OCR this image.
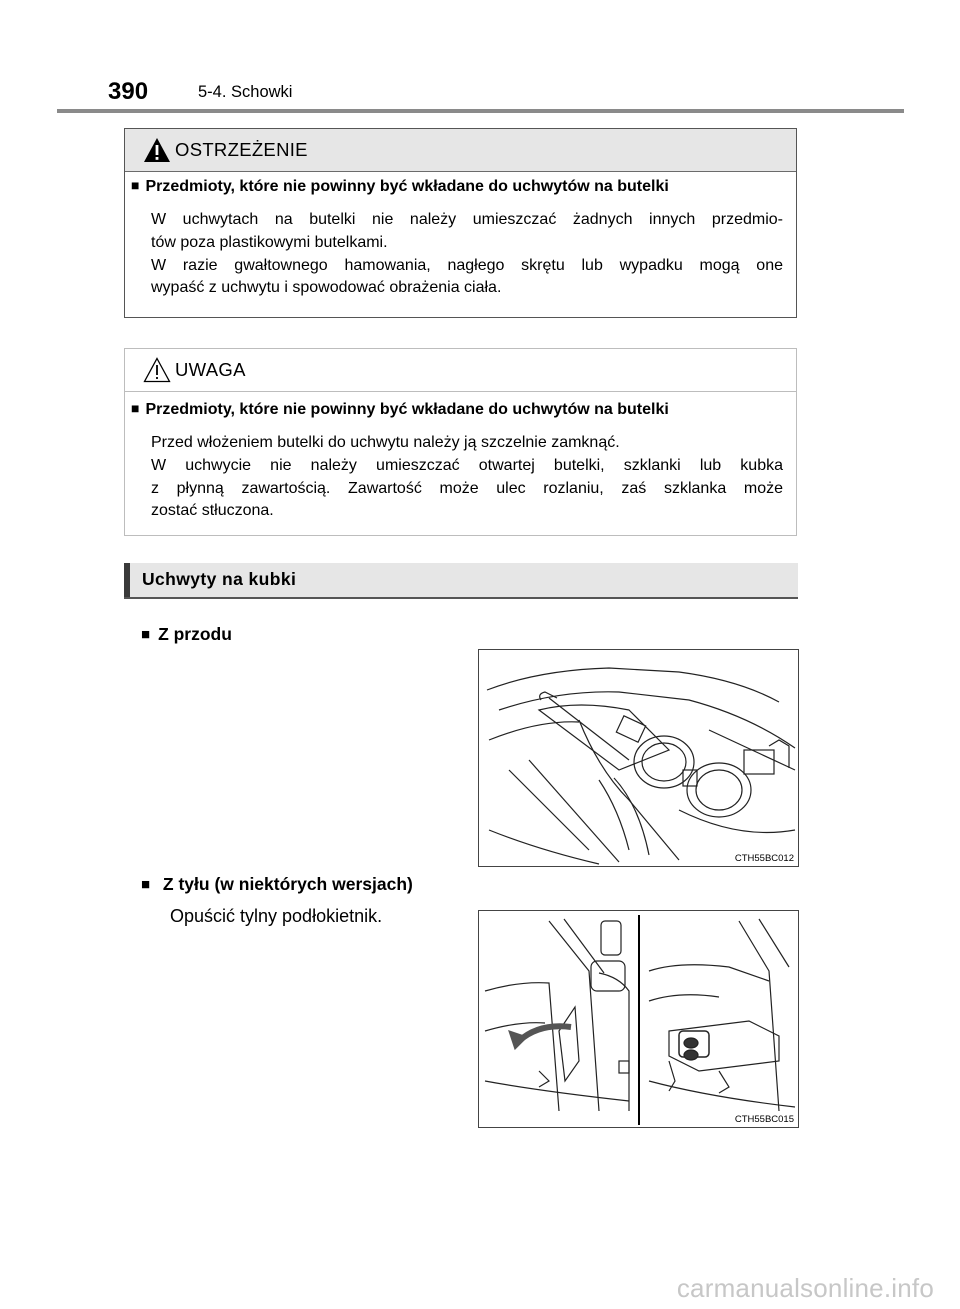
390	5-4. Schowki
OSTRZEŻENIE
■ Przedmioty, które nie powinny być wkładane do uchwytów na butelki
W uchwytach na butelki nie należy umieszczać żadnych innych przedmio-
tów poza plastikowymi butelkami.
W razie gwałtownego hamowania, nagłego skrętu lub wypadku mogą one
wypaść z uchwytu i spowodować obrażenia ciała.
UWAGA
■ Przedmioty, które nie powinny być wkładane do uchwytów na butelki
Przed włożeniem butelki do uchwytu należy ją szczelnie zamknąć.
W uchwycie nie należy umieszczać otwartej butelki, szklanki lub kubka
z płynną zawartością. Zawartość może ulec rozlaniu, zaś szklanka może
zostać stłuczona.
Uchwyty na kubki
■ Z przodu
CTH55BC012
■ Z tyłu (w niektórych wersjach)
Opuścić tylny podłokietnik.
CTH55BC015
carmanualsonline.info
